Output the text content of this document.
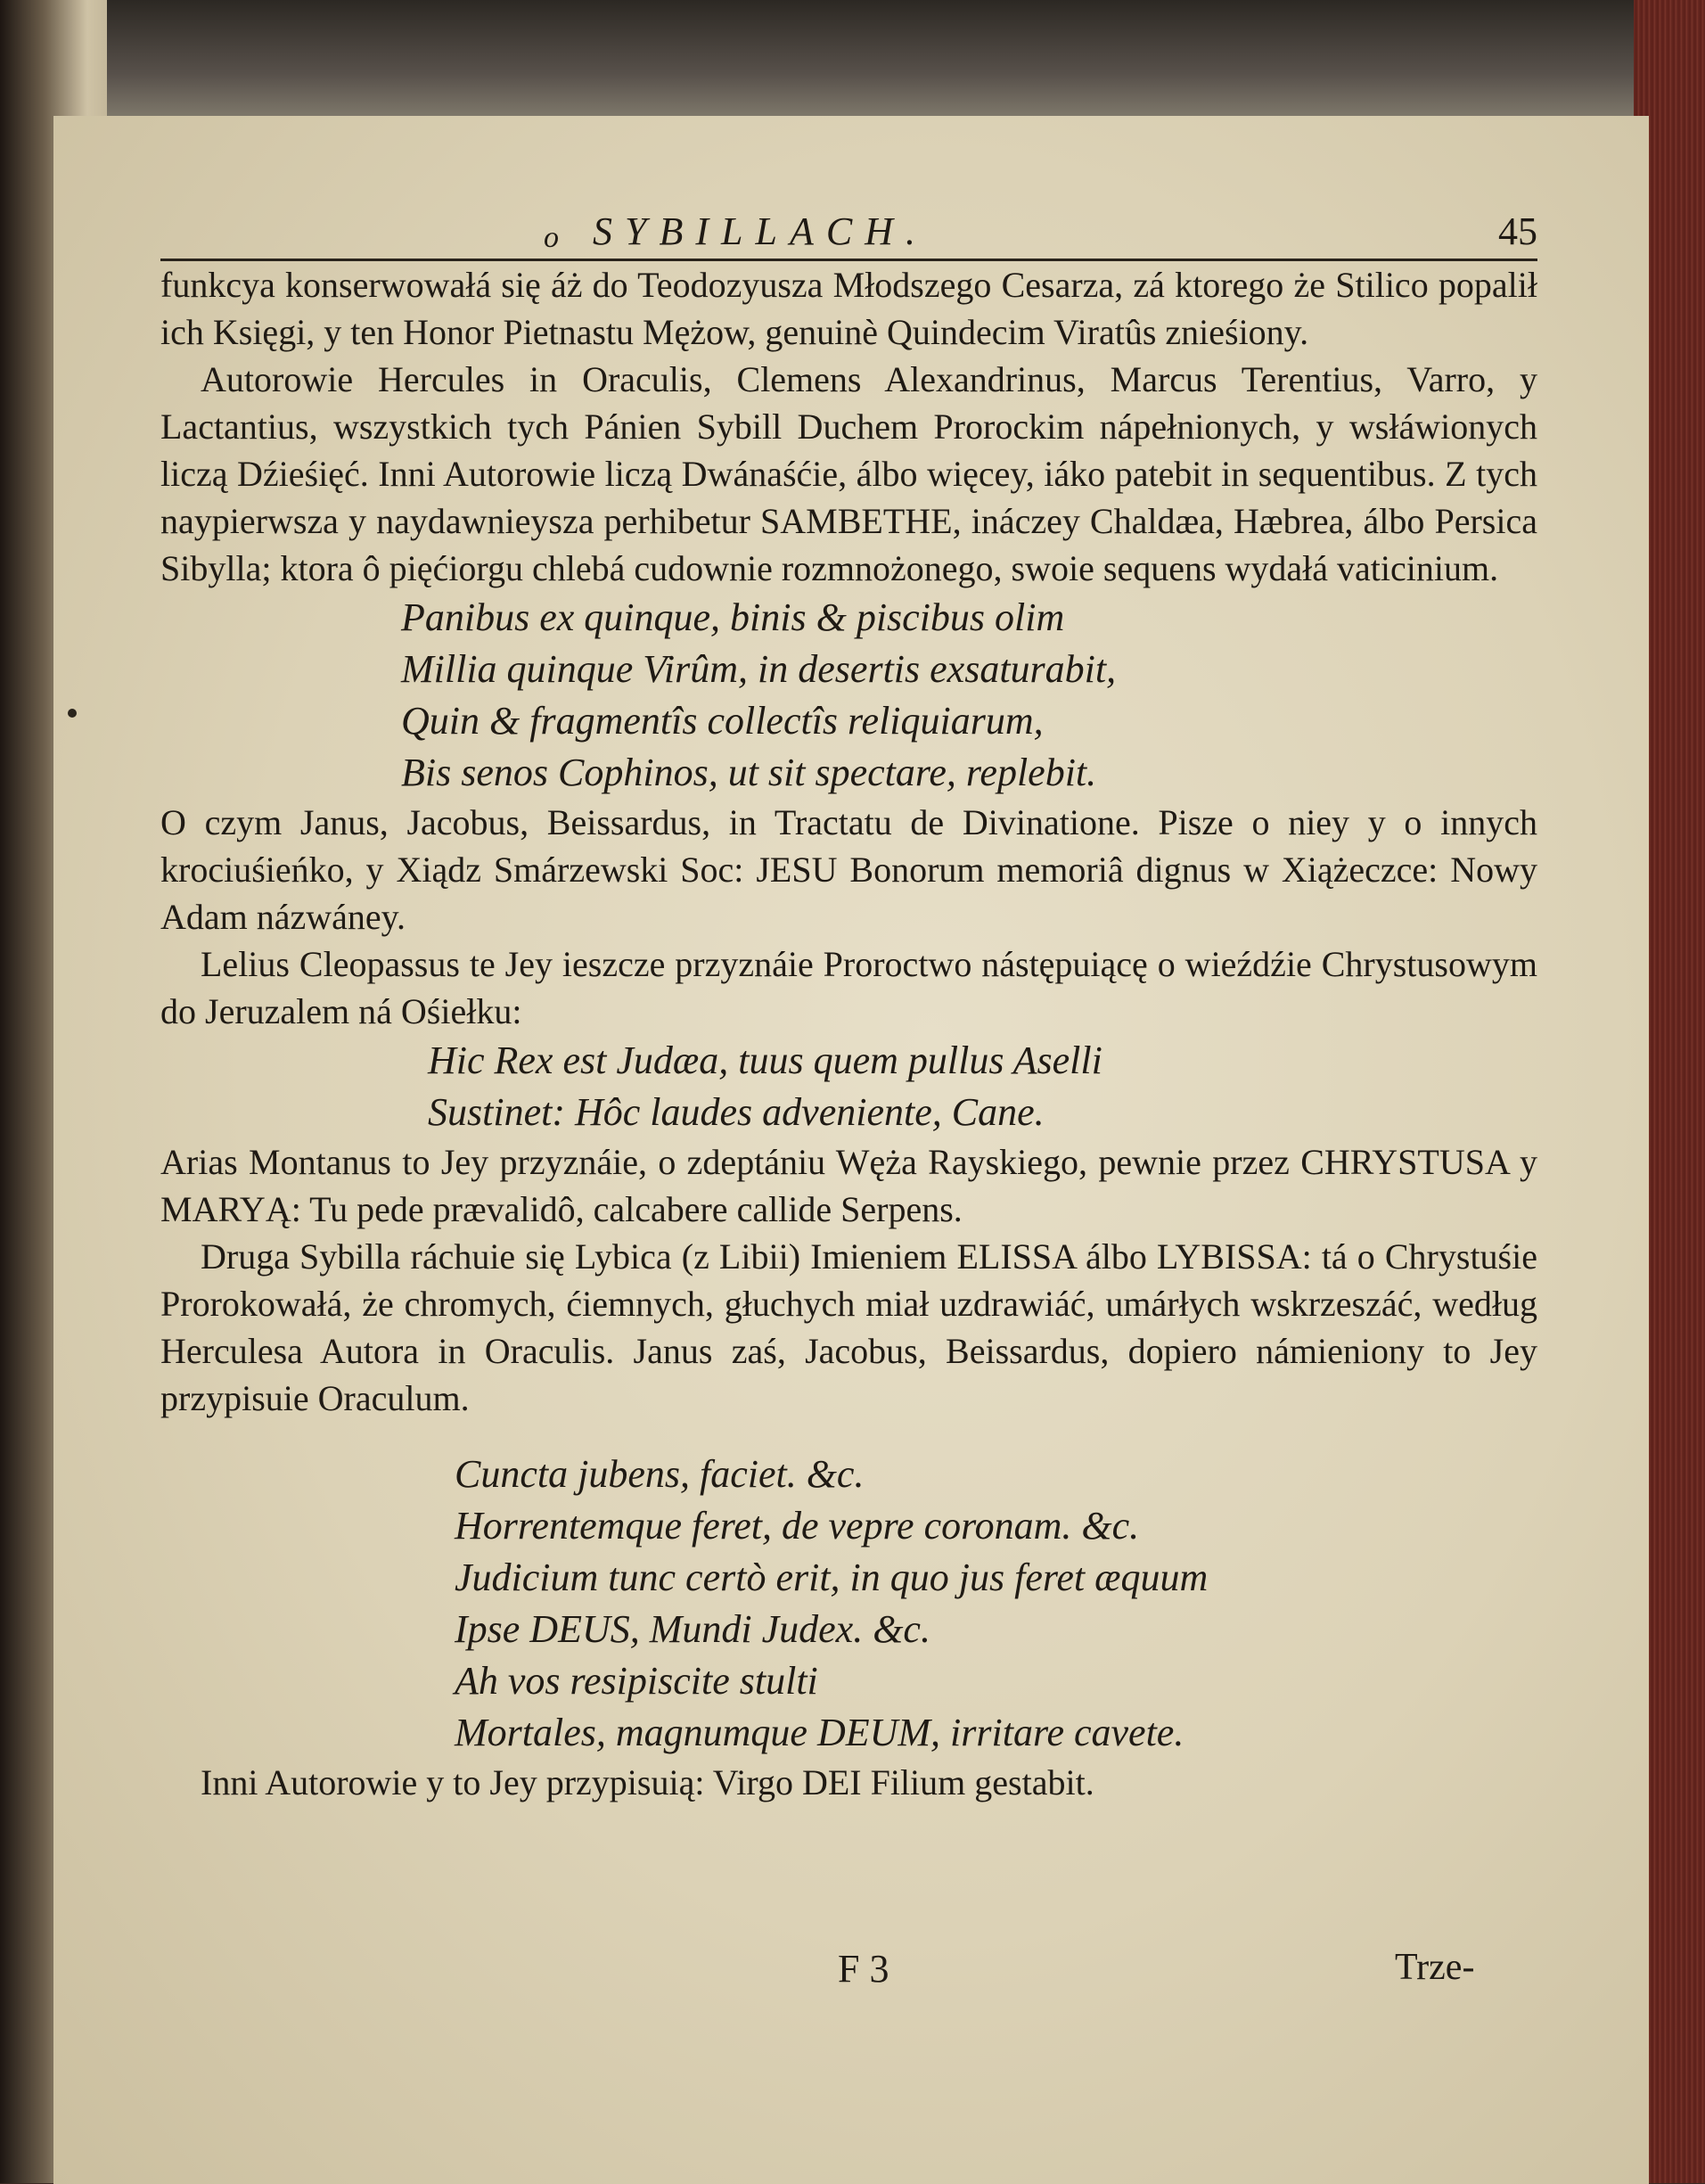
o SYBILLACH.	45

funkcya konserwowałá się áż do Teodozyusza Młodszego Cesarza, zá ktorego że Stilico popalił ich Księgi, y ten Honor Pietnastu Mężow, genuinè Quindecim Viratûs znieśiony.

Autorowie Hercules in Oraculis, Clemens Alexandrinus, Marcus Terentius, Varro, y Lactantius, wszystkich tych Pánien Sybill Duchem Prorockim nápełnionych, y wsłáwionych liczą Dźieśięć. Inni Autorowie liczą Dwánaśćie, álbo więcey, iáko patebit in sequentibus. Z tych naypierwsza y naydawnieysza perhibetur SAMBETHE, ináczey Chaldæa, Hæbrea, álbo Persica Sibylla; ktora ô pięćiorgu chlebá cudownie rozmnożonego, swoie sequens wydałá vaticinium.

Panibus ex quinque, binis & piscibus olim

Millia quinque Virûm, in desertis exsaturabit,

Quin & fragmentîs collectîs reliquiarum,

Bis senos Cophinos, ut sit spectare, replebit.

O czym Janus, Jacobus, Beissardus, in Tractatu de Divinatione. Pisze o niey y o innych krociuśieńko, y Xiądz Smárzewski Soc: JESU Bonorum memoriâ dignus w Xiążeczce: Nowy Adam názwáney.

Lelius Cleopassus te Jey ieszcze przyznáie Proroctwo nástępuiącę o wieźdźie Chrystusowym do Jeruzalem ná Ośiełku:

Hic Rex est Judæa, tuus quem pullus Aselli

Sustinet: Hôc laudes adveniente, Cane.

Arias Montanus to Jey przyznáie, o zdeptániu Węża Rayskiego, pewnie przez CHRYSTUSA y MARYĄ: Tu pede prævalidô, calcabere callide Serpens.

Druga Sybilla ráchuie się Lybica (z Libii) Imieniem ELISSA álbo LYBISSA: tá o Chrystuśie Prorokowałá, że chromych, ćiemnych, głuchych miał uzdrawiáć, umárłych wskrzeszáć, według Herculesa Autora in Oraculis. Janus zaś, Jacobus, Beissardus, dopiero námieniony to Jey przypisuie Oraculum.

Cuncta jubens, faciet. &c.

Horrentemque feret, de vepre coronam. &c.

Judicium tunc certò erit, in quo jus feret æquum

Ipse DEUS, Mundi Judex. &c.

Ah vos resipiscite stulti

Mortales, magnumque DEUM, irritare cavete.

Inni Autorowie y to Jey przypisuią: Virgo DEI Filium gestabit.

F 3	Trze-
